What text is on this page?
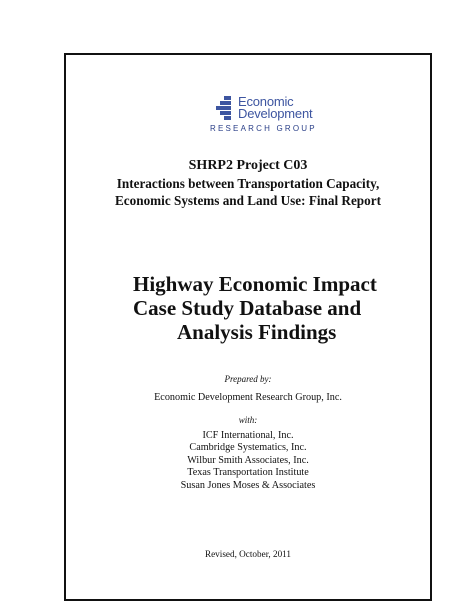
Economic
Development
RESEARCH GROUP
SHRP2 Project C03
Interactions between Transportation Capacity,
Economic Systems and Land Use: Final Report
Highway Economic Impact
Case Study Database and
Analysis Findings
Prepared by:
Economic Development Research Group, Inc.
with:
ICF International, Inc.
Cambridge Systematics, Inc.
Wilbur Smith Associates, Inc.
Texas Transportation Institute
Susan Jones Moses & Associates
Revised, October, 2011
